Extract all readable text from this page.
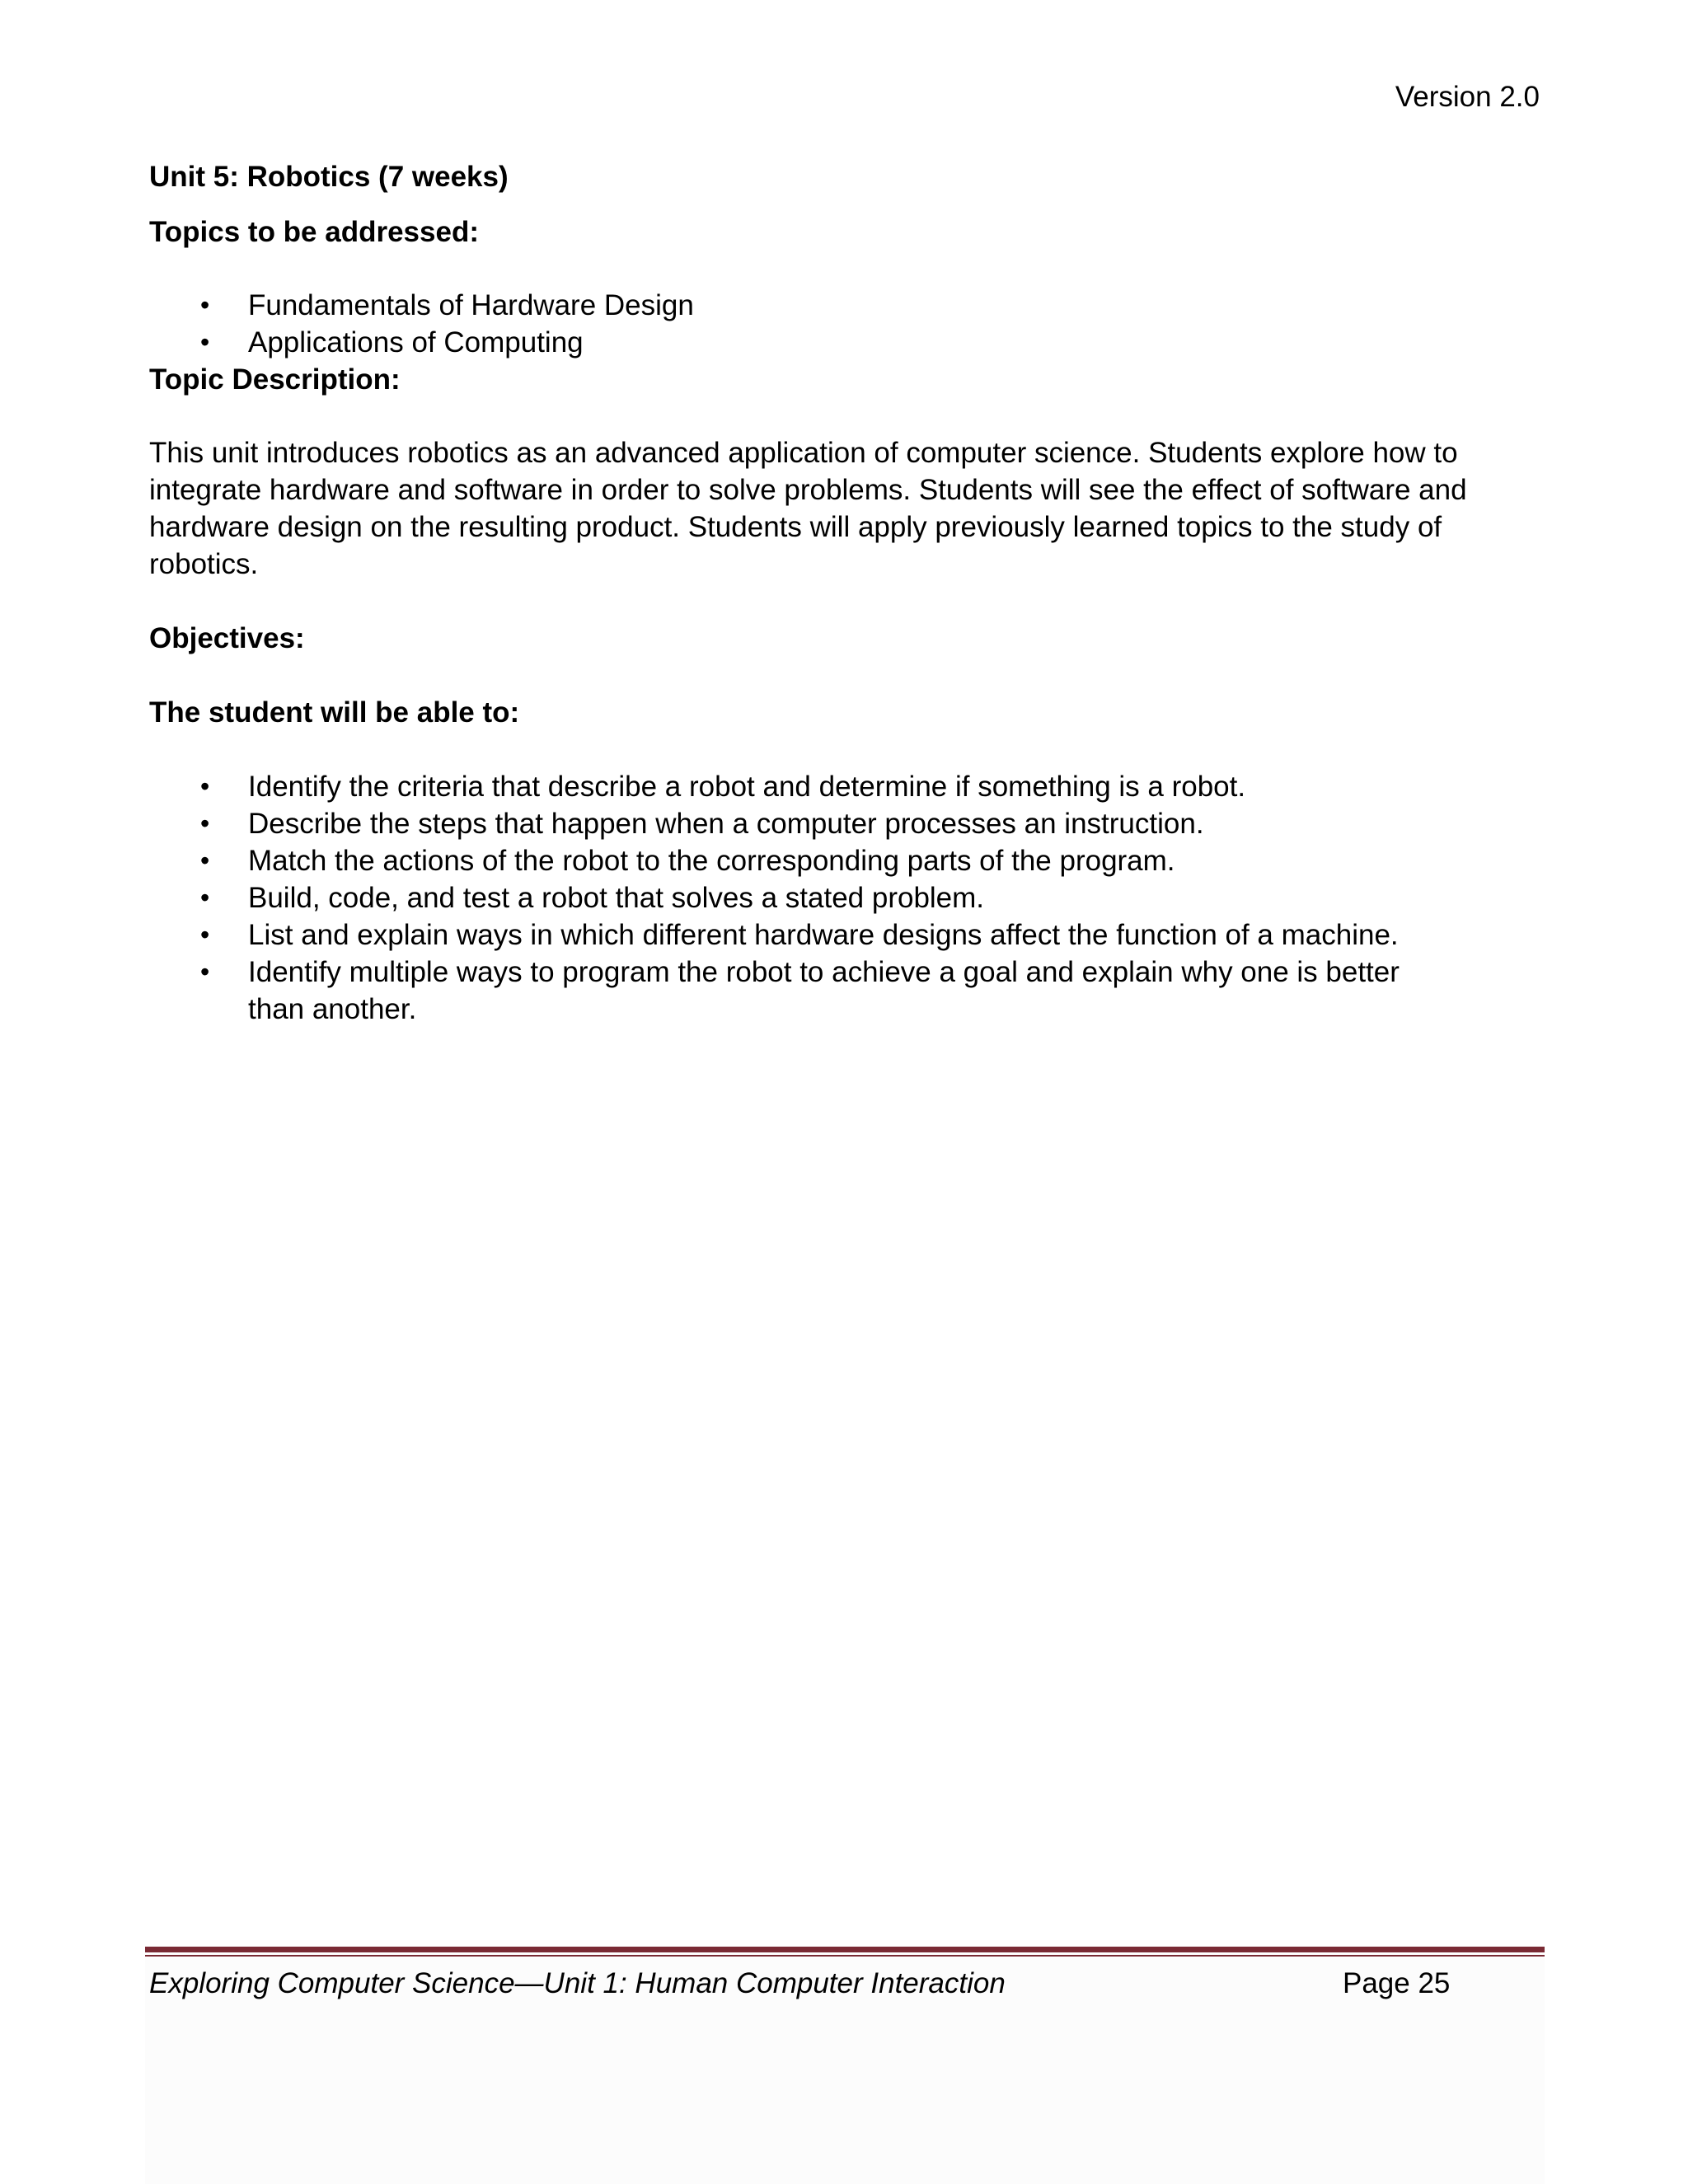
Version 2.0
Unit 5: Robotics (7 weeks)
Topics to be addressed:
• Fundamentals of Hardware Design
• Applications of Computing
Topic Description:
This unit introduces robotics as an advanced application of computer science. Students explore how to integrate hardware and software in order to solve problems. Students will see the effect of software and hardware design on the resulting product. Students will apply previously learned topics to the study of robotics.
Objectives:
The student will be able to:
• Identify the criteria that describe a robot and determine if something is a robot.
• Describe the steps that happen when a computer processes an instruction.
• Match the actions of the robot to the corresponding parts of the program.
• Build, code, and test a robot that solves a stated problem.
• List and explain ways in which different hardware designs affect the function of a machine.
• Identify multiple ways to program the robot to achieve a goal and explain why one is better than another.
Exploring Computer Science—Unit 1: Human Computer Interaction	Page 25
